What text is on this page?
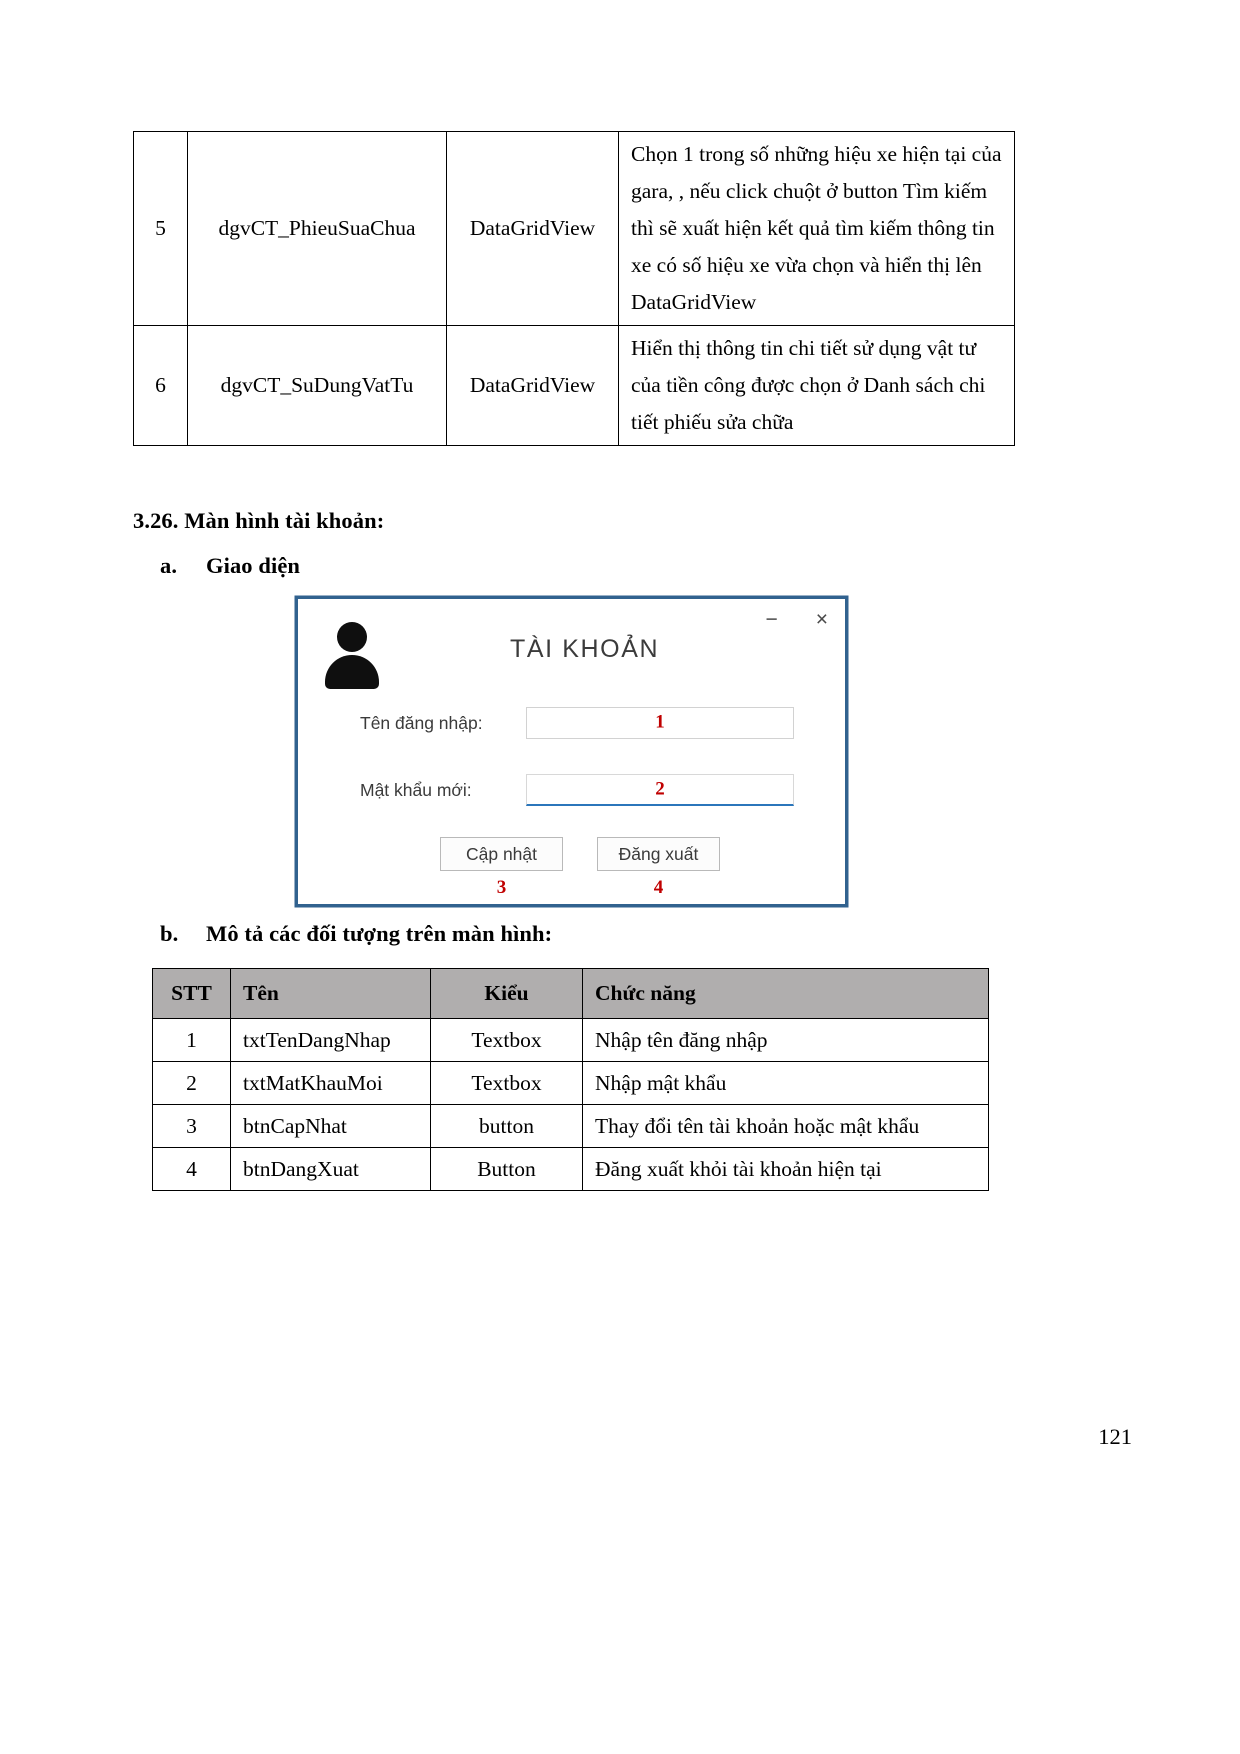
5	dgvCT_PhieuSuaChua	DataGridView	Chọn 1 trong số những hiệu xe hiện tại của gara, , nếu click chuột ở button Tìm kiếm thì sẽ xuất hiện kết quả tìm kiếm thông tin xe có số hiệu xe vừa chọn và hiển thị lên DataGridView
6	dgvCT_SuDungVatTu	DataGridView	Hiển thị thông tin chi tiết sử dụng vật tư của tiền công được chọn ở Danh sách chi tiết phiếu sửa chữa
3.26. Màn hình tài khoản:
a. Giao diện
−	×
TÀI KHOẢN
Tên đăng nhập:	1
Mật khẩu mới:	2
Cập nhật
3
Đăng xuất
4
b. Mô tả các đối tượng trên màn hình:
STT	Tên	Kiểu	Chức năng
1	txtTenDangNhap	Textbox	Nhập tên đăng nhập
2	txtMatKhauMoi	Textbox	Nhập mật khẩu
3	btnCapNhat	button	Thay đổi tên tài khoản hoặc mật khẩu
4	btnDangXuat	Button	Đăng xuất khỏi tài khoản hiện tại
121
